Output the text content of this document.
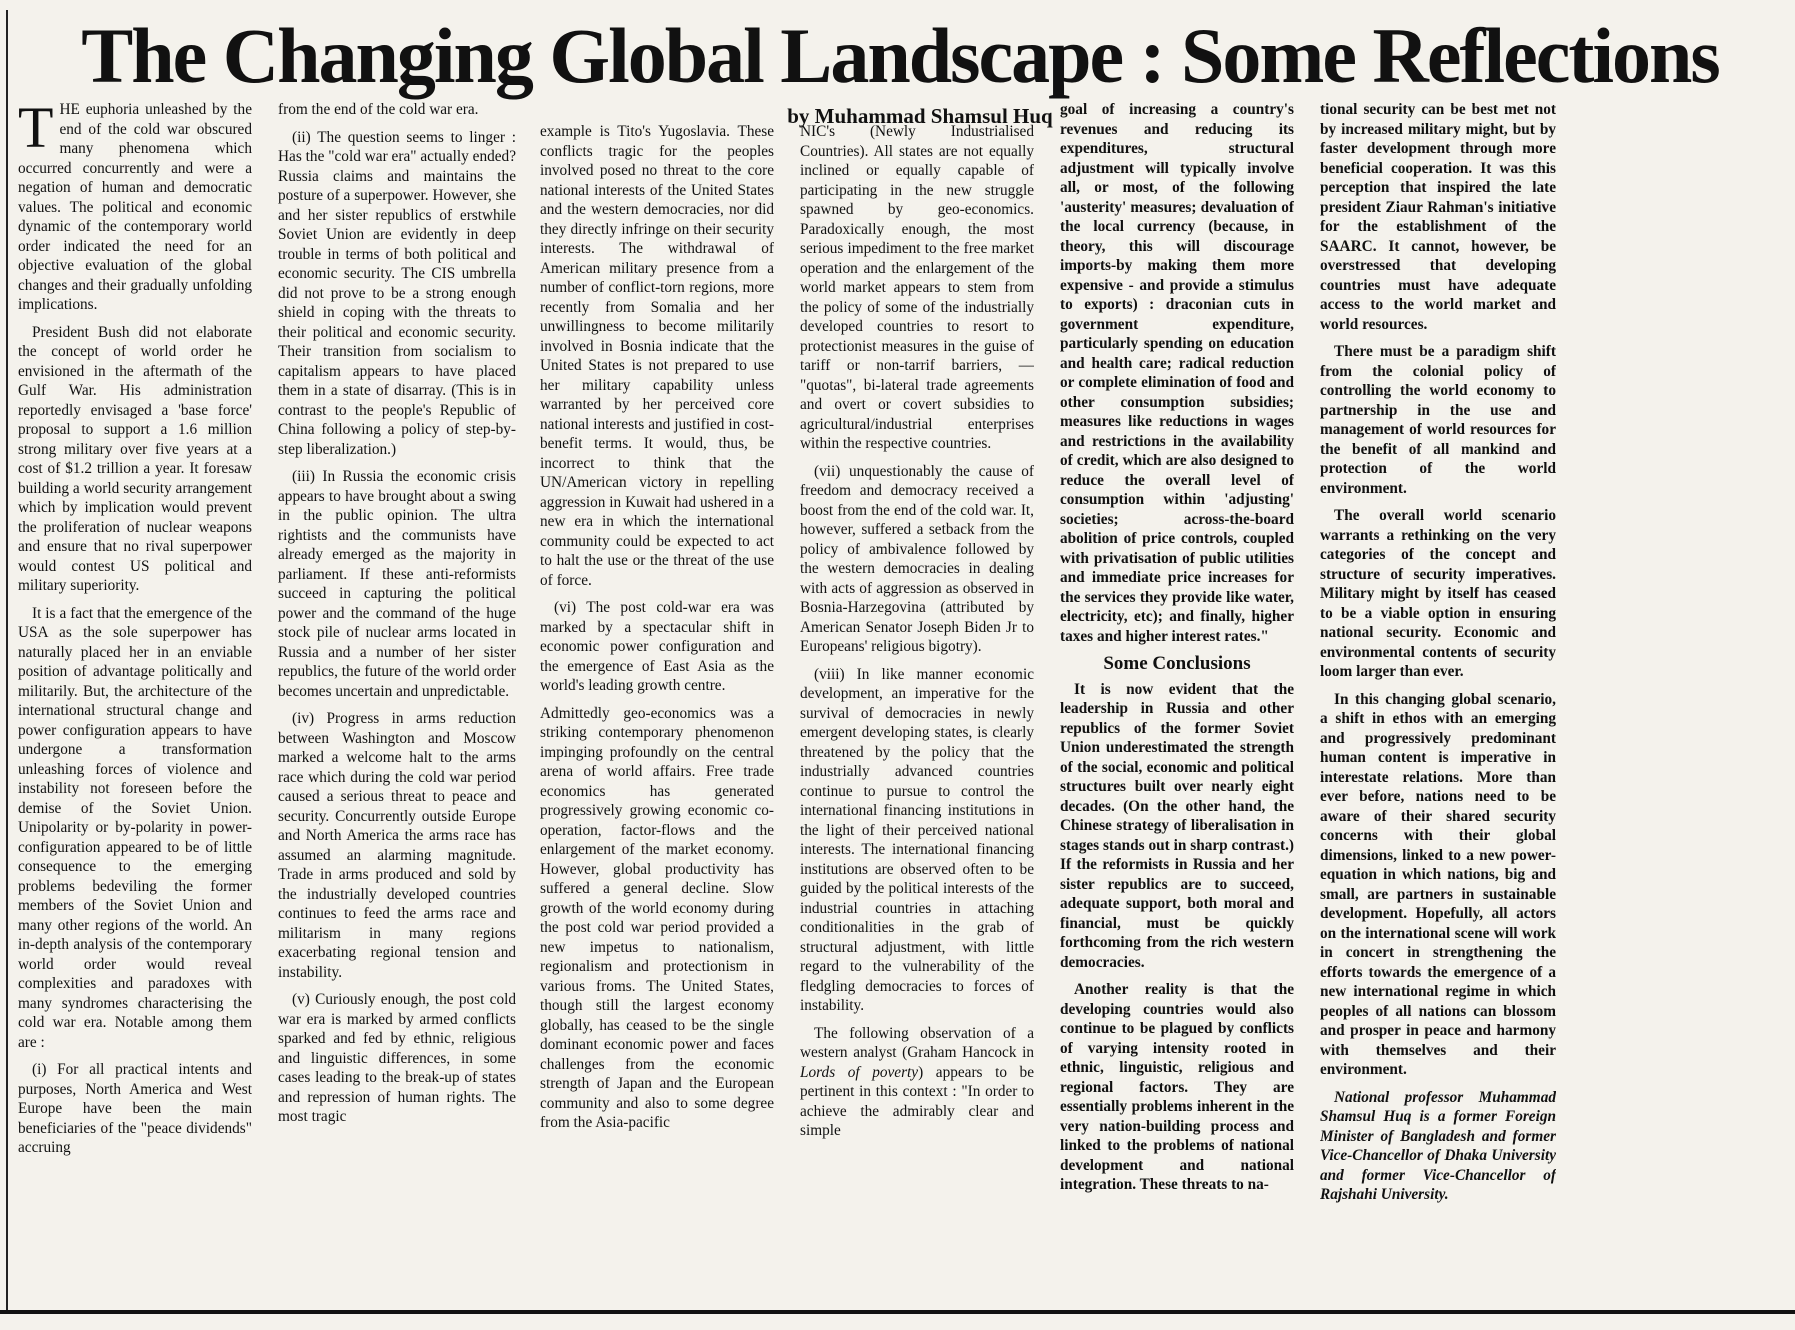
The Changing Global Landscape : Some Reflections
by Muhammad Shamsul Huq

THE euphoria unleashed by the end of the cold war obscured many phenomena which occurred concurrently and were a negation of human and democratic values. The political and economic dynamic of the contemporary world order indicated the need for an objective evaluation of the global changes and their gradually unfolding implications.

President Bush did not elaborate the concept of world order he envisioned in the aftermath of the Gulf War. His administration reportedly envisaged a 'base force' proposal to support a 1.6 million strong military over five years at a cost of $1.2 trillion a year. It foresaw building a world security arrangement which by implication would prevent the proliferation of nuclear weapons and ensure that no rival superpower would contest US political and military superiority.

It is a fact that the emergence of the USA as the sole superpower has naturally placed her in an enviable position of advantage politically and militarily. But, the architecture of the international structural change and power configuration appears to have undergone a transformation unleashing forces of violence and instability not foreseen before the demise of the Soviet Union. Unipolarity or by-polarity in power-configuration appeared to be of little consequence to the emerging problems bedeviling the former members of the Soviet Union and many other regions of the world. An in-depth analysis of the contemporary world order would reveal complexities and paradoxes with many syndromes characterising the cold war era. Notable among them are :

(i) For all practical intents and purposes, North America and West Europe have been the main beneficiaries of the "peace dividends" accruing

from the end of the cold war era.

(ii) The question seems to linger : Has the "cold war era" actually ended? Russia claims and maintains the posture of a superpower. However, she and her sister republics of erstwhile Soviet Union are evidently in deep trouble in terms of both political and economic security. The CIS umbrella did not prove to be a strong enough shield in coping with the threats to their political and economic security. Their transition from socialism to capitalism appears to have placed them in a state of disarray. (This is in contrast to the people's Republic of China following a policy of step-by-step liberalization.)

(iii) In Russia the economic crisis appears to have brought about a swing in the public opinion. The ultra rightists and the communists have already emerged as the majority in parliament. If these anti-reformists succeed in capturing the political power and the command of the huge stock pile of nuclear arms located in Russia and a number of her sister republics, the future of the world order becomes uncertain and unpredictable.

(iv) Progress in arms reduction between Washington and Moscow marked a welcome halt to the arms race which during the cold war period caused a serious threat to peace and security. Concurrently outside Europe and North America the arms race has assumed an alarming magnitude. Trade in arms produced and sold by the industrially developed countries continues to feed the arms race and militarism in many regions exacerbating regional tension and instability.

(v) Curiously enough, the post cold war era is marked by armed conflicts sparked and fed by ethnic, religious and linguistic differences, in some cases leading to the break-up of states and repression of human rights. The most tragic

example is Tito's Yugoslavia. These conflicts tragic for the peoples involved posed no threat to the core national interests of the United States and the western democracies, nor did they directly infringe on their security interests. The withdrawal of American military presence from a number of conflict-torn regions, more recently from Somalia and her unwillingness to become militarily involved in Bosnia indicate that the United States is not prepared to use her military capability unless warranted by her perceived core national interests and justified in cost-benefit terms. It would, thus, be incorrect to think that the UN/American victory in repelling aggression in Kuwait had ushered in a new era in which the international community could be expected to act to halt the use or the threat of the use of force.

(vi) The post cold-war era was marked by a spectacular shift in economic power configuration and the emergence of East Asia as the world's leading growth centre.

Admittedly geo-economics was a striking contemporary phenomenon impinging profoundly on the central arena of world affairs. Free trade economics has generated progressively growing economic co-operation, factor-flows and the enlargement of the market economy. However, global productivity has suffered a general decline. Slow growth of the world economy during the post cold war period provided a new impetus to nationalism, regionalism and protectionism in various froms. The United States, though still the largest economy globally, has ceased to be the single dominant economic power and faces challenges from the economic strength of Japan and the European community and also to some degree from the Asia-pacific

NIC's (Newly Industrialised Countries). All states are not equally inclined or equally capable of participating in the new struggle spawned by geo-economics. Paradoxically enough, the most serious impediment to the free market operation and the enlargement of the world market appears to stem from the policy of some of the industrially developed countries to resort to protectionist measures in the guise of tariff or non-tarrif barriers, — "quotas", bi-lateral trade agreements and overt or covert subsidies to agricultural/industrial enterprises within the respective countries.

(vii) unquestionably the cause of freedom and democracy received a boost from the end of the cold war. It, however, suffered a setback from the policy of ambivalence followed by the western democracies in dealing with acts of aggression as observed in Bosnia-Harzegovina (attributed by American Senator Joseph Biden Jr to Europeans' religious bigotry).

(viii) In like manner economic development, an imperative for the survival of democracies in newly emergent developing states, is clearly threatened by the policy that the industrially advanced countries continue to pursue to control the international financing institutions in the light of their perceived national interests. The international financing institutions are observed often to be guided by the political interests of the industrial countries in attaching conditionalities in the grab of structural adjustment, with little regard to the vulnerability of the fledgling democracies to forces of instability.

The following observation of a western analyst (Graham Hancock in Lords of poverty) appears to be pertinent in this context : "In order to achieve the admirably clear and simple

goal of increasing a country's revenues and reducing its expenditures, structural adjustment will typically involve all, or most, of the following 'austerity' measures; devaluation of the local currency (because, in theory, this will discourage imports-by making them more expensive - and provide a stimulus to exports) : draconian cuts in government expenditure, particularly spending on education and health care; radical reduction or complete elimination of food and other consumption subsidies; measures like reductions in wages and restrictions in the availability of credit, which are also designed to reduce the overall level of consumption within 'adjusting' societies; across-the-board abolition of price controls, coupled with privatisation of public utilities and immediate price increases for the services they provide like water, electricity, etc); and finally, higher taxes and higher interest rates."

Some Conclusions

It is now evident that the leadership in Russia and other republics of the former Soviet Union underestimated the strength of the social, economic and political structures built over nearly eight decades. (On the other hand, the Chinese strategy of liberalisation in stages stands out in sharp contrast.) If the reformists in Russia and her sister republics are to succeed, adequate support, both moral and financial, must be quickly forthcoming from the rich western democracies.

Another reality is that the developing countries would also continue to be plagued by conflicts of varying intensity rooted in ethnic, linguistic, religious and regional factors. They are essentially problems inherent in the very nation-building process and linked to the problems of national development and national integration. These threats to na-

tional security can be best met not by increased military might, but by faster development through more beneficial cooperation. It was this perception that inspired the late president Ziaur Rahman's initiative for the establishment of the SAARC. It cannot, however, be overstressed that developing countries must have adequate access to the world market and world resources.

There must be a paradigm shift from the colonial policy of controlling the world economy to partnership in the use and management of world resources for the benefit of all mankind and protection of the world environment.

The overall world scenario warrants a rethinking on the very categories of the concept and structure of security imperatives. Military might by itself has ceased to be a viable option in ensuring national security. Economic and environmental contents of security loom larger than ever.

In this changing global scenario, a shift in ethos with an emerging and progressively predominant human content is imperative in interestate relations. More than ever before, nations need to be aware of their shared security concerns with their global dimensions, linked to a new power-equation in which nations, big and small, are partners in sustainable development. Hopefully, all actors on the international scene will work in concert in strengthening the efforts towards the emergence of a new international regime in which peoples of all nations can blossom and prosper in peace and harmony with themselves and their environment.

National professor Muhammad Shamsul Huq is a former Foreign Minister of Bangladesh and former Vice-Chancellor of Dhaka University and former Vice-Chancellor of Rajshahi University.
